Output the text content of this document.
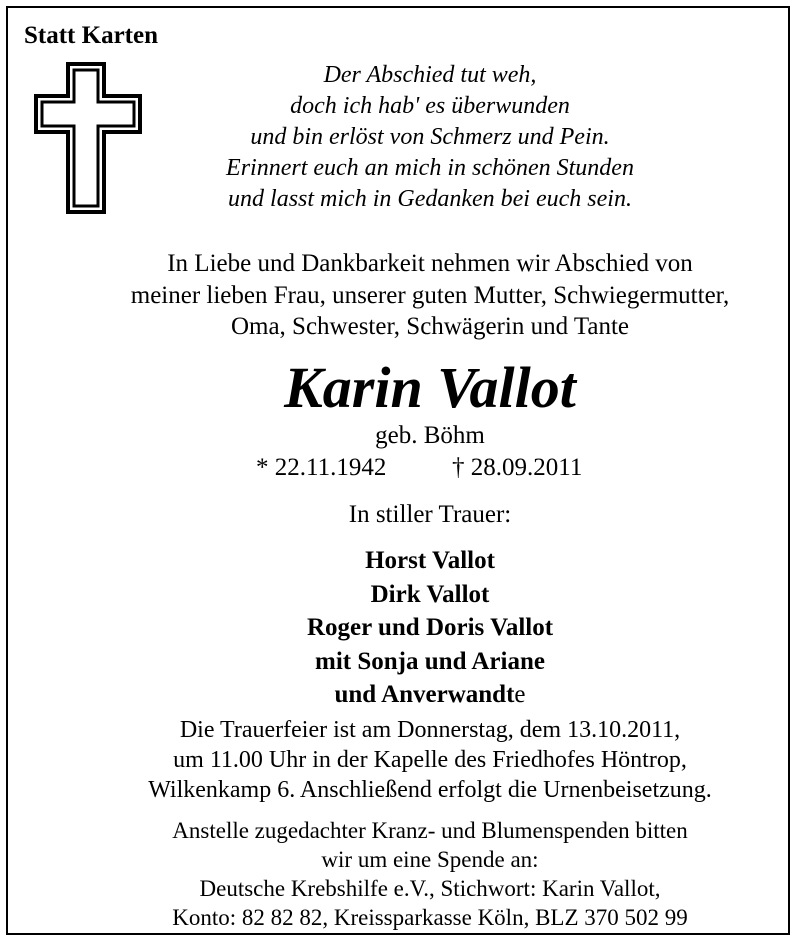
Statt Karten
Der Abschied tut weh,
doch ich hab' es überwunden
und bin erlöst von Schmerz und Pein.
Erinnert euch an mich in schönen Stunden
und lasst mich in Gedanken bei euch sein.
In Liebe und Dankbarkeit nehmen wir Abschied von
meiner lieben Frau, unserer guten Mutter, Schwiegermutter,
Oma, Schwester, Schwägerin und Tante
Karin Vallot
geb. Böhm
* 22.11.1942	† 28.09.2011
In stiller Trauer:
Horst Vallot
Dirk Vallot
Roger und Doris Vallot
mit Sonja und Ariane
und Anverwandte
Die Trauerfeier ist am Donnerstag, dem 13.10.2011,
um 11.00 Uhr in der Kapelle des Friedhofes Höntrop,
Wilkenkamp 6. Anschließend erfolgt die Urnenbeisetzung.
Anstelle zugedachter Kranz- und Blumenspenden bitten
wir um eine Spende an:
Deutsche Krebshilfe e.V., Stichwort: Karin Vallot,
Konto: 82 82 82, Kreissparkasse Köln, BLZ 370 502 99
